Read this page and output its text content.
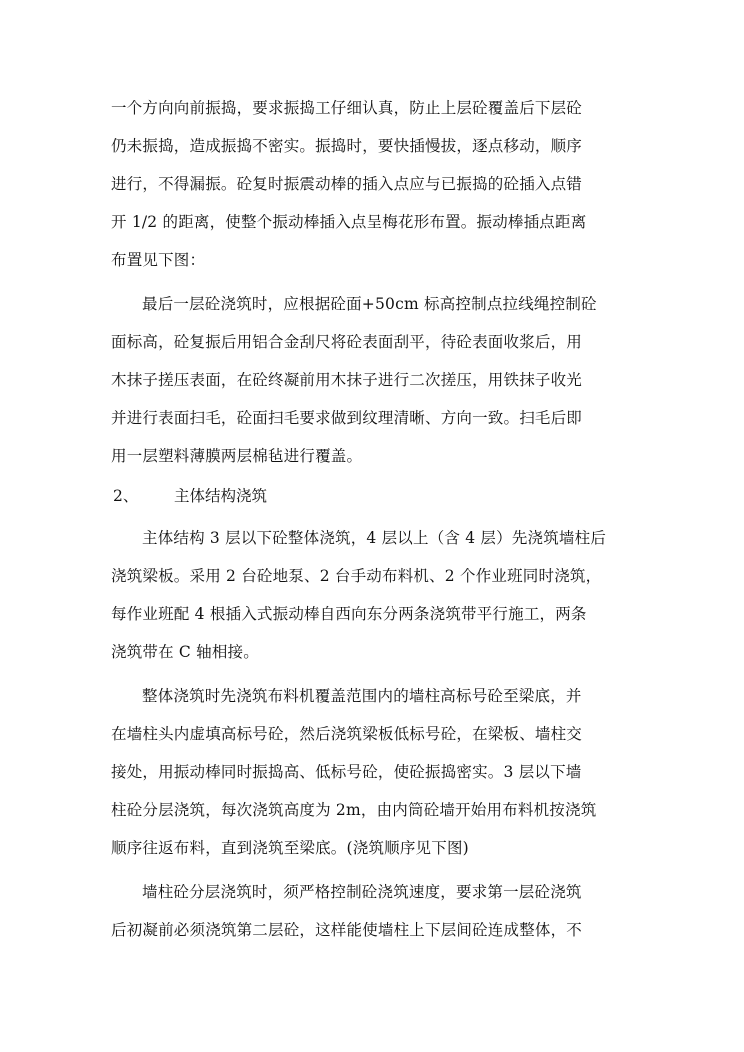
一个方向向前振捣，要求振捣工仔细认真，防止上层砼覆盖后下层砼
仍未振捣，造成振捣不密实。振捣时，要快插慢拔，逐点移动，顺序
进行，不得漏振。砼复时振震动棒的插入点应与已振捣的砼插入点错
开 1/2 的距离，使整个振动棒插入点呈梅花形布置。振动棒插点距离
布置见下图：
最后一层砼浇筑时，应根据砼面+50cm 标高控制点拉线绳控制砼
面标高，砼复振后用铝合金刮尺将砼表面刮平，待砼表面收浆后，用
木抹子搓压表面，在砼终凝前用木抹子进行二次搓压，用铁抹子收光
并进行表面扫毛，砼面扫毛要求做到纹理清晰、方向一致。扫毛后即
用一层塑料薄膜两层棉毡进行覆盖。
2、 主体结构浇筑
主体结构 3 层以下砼整体浇筑，4 层以上（含 4 层）先浇筑墙柱后
浇筑梁板。采用 2 台砼地泵、2 台手动布料机、2 个作业班同时浇筑，
每作业班配 4 根插入式振动棒自西向东分两条浇筑带平行施工，两条
浇筑带在 C 轴相接。
整体浇筑时先浇筑布料机覆盖范围内的墙柱高标号砼至梁底，并
在墙柱头内虚填高标号砼，然后浇筑梁板低标号砼，在梁板、墙柱交
接处，用振动棒同时振捣高、低标号砼，使砼振捣密实。3 层以下墙
柱砼分层浇筑，每次浇筑高度为 2m，由内筒砼墙开始用布料机按浇筑
顺序往返布料，直到浇筑至梁底。(浇筑顺序见下图)
墙柱砼分层浇筑时，须严格控制砼浇筑速度，要求第一层砼浇筑
后初凝前必须浇筑第二层砼，这样能使墙柱上下层间砼连成整体，不
